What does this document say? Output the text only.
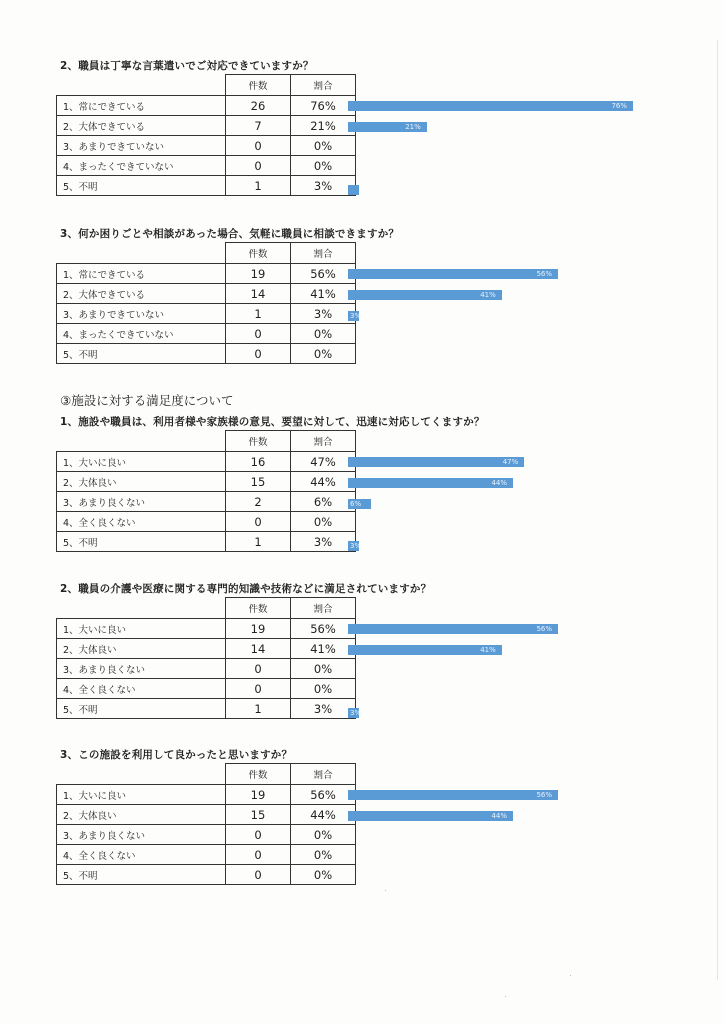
2、職員は丁寧な言葉遣いでご対応できていますか？
	件数	割合
1、常にできている	26	76%
2、大体できている	7	21%
3、あまりできていない	0	0%
4、まったくできていない	0	0%
5、不明	1	3%
76%
21%
3、何か困りごとや相談があった場合、気軽に職員に相談できますか？
	件数	割合
1、常にできている	19	56%
2、大体できている	14	41%
3、あまりできていない	1	3%
4、まったくできていない	0	0%
5、不明	0	0%
56%
41%
3%
③施設に対する満足度について
1、施設や職員は、利用者様や家族様の意見、要望に対して、迅速に対応してくますか？
	件数	割合
1、大いに良い	16	47%
2、大体良い	15	44%
3、あまり良くない	2	6%
4、全く良くない	0	0%
5、不明	1	3%
47%
44%
6%
3%
2、職員の介護や医療に関する専門的知識や技術などに満足されていますか？
	件数	割合
1、大いに良い	19	56%
2、大体良い	14	41%
3、あまり良くない	0	0%
4、全く良くない	0	0%
5、不明	1	3%
56%
41%
3%
3、この施設を利用して良かったと思いますか？
	件数	割合
1、大いに良い	19	56%
2、大体良い	15	44%
3、あまり良くない	0	0%
4、全く良くない	0	0%
5、不明	0	0%
56%
44%
